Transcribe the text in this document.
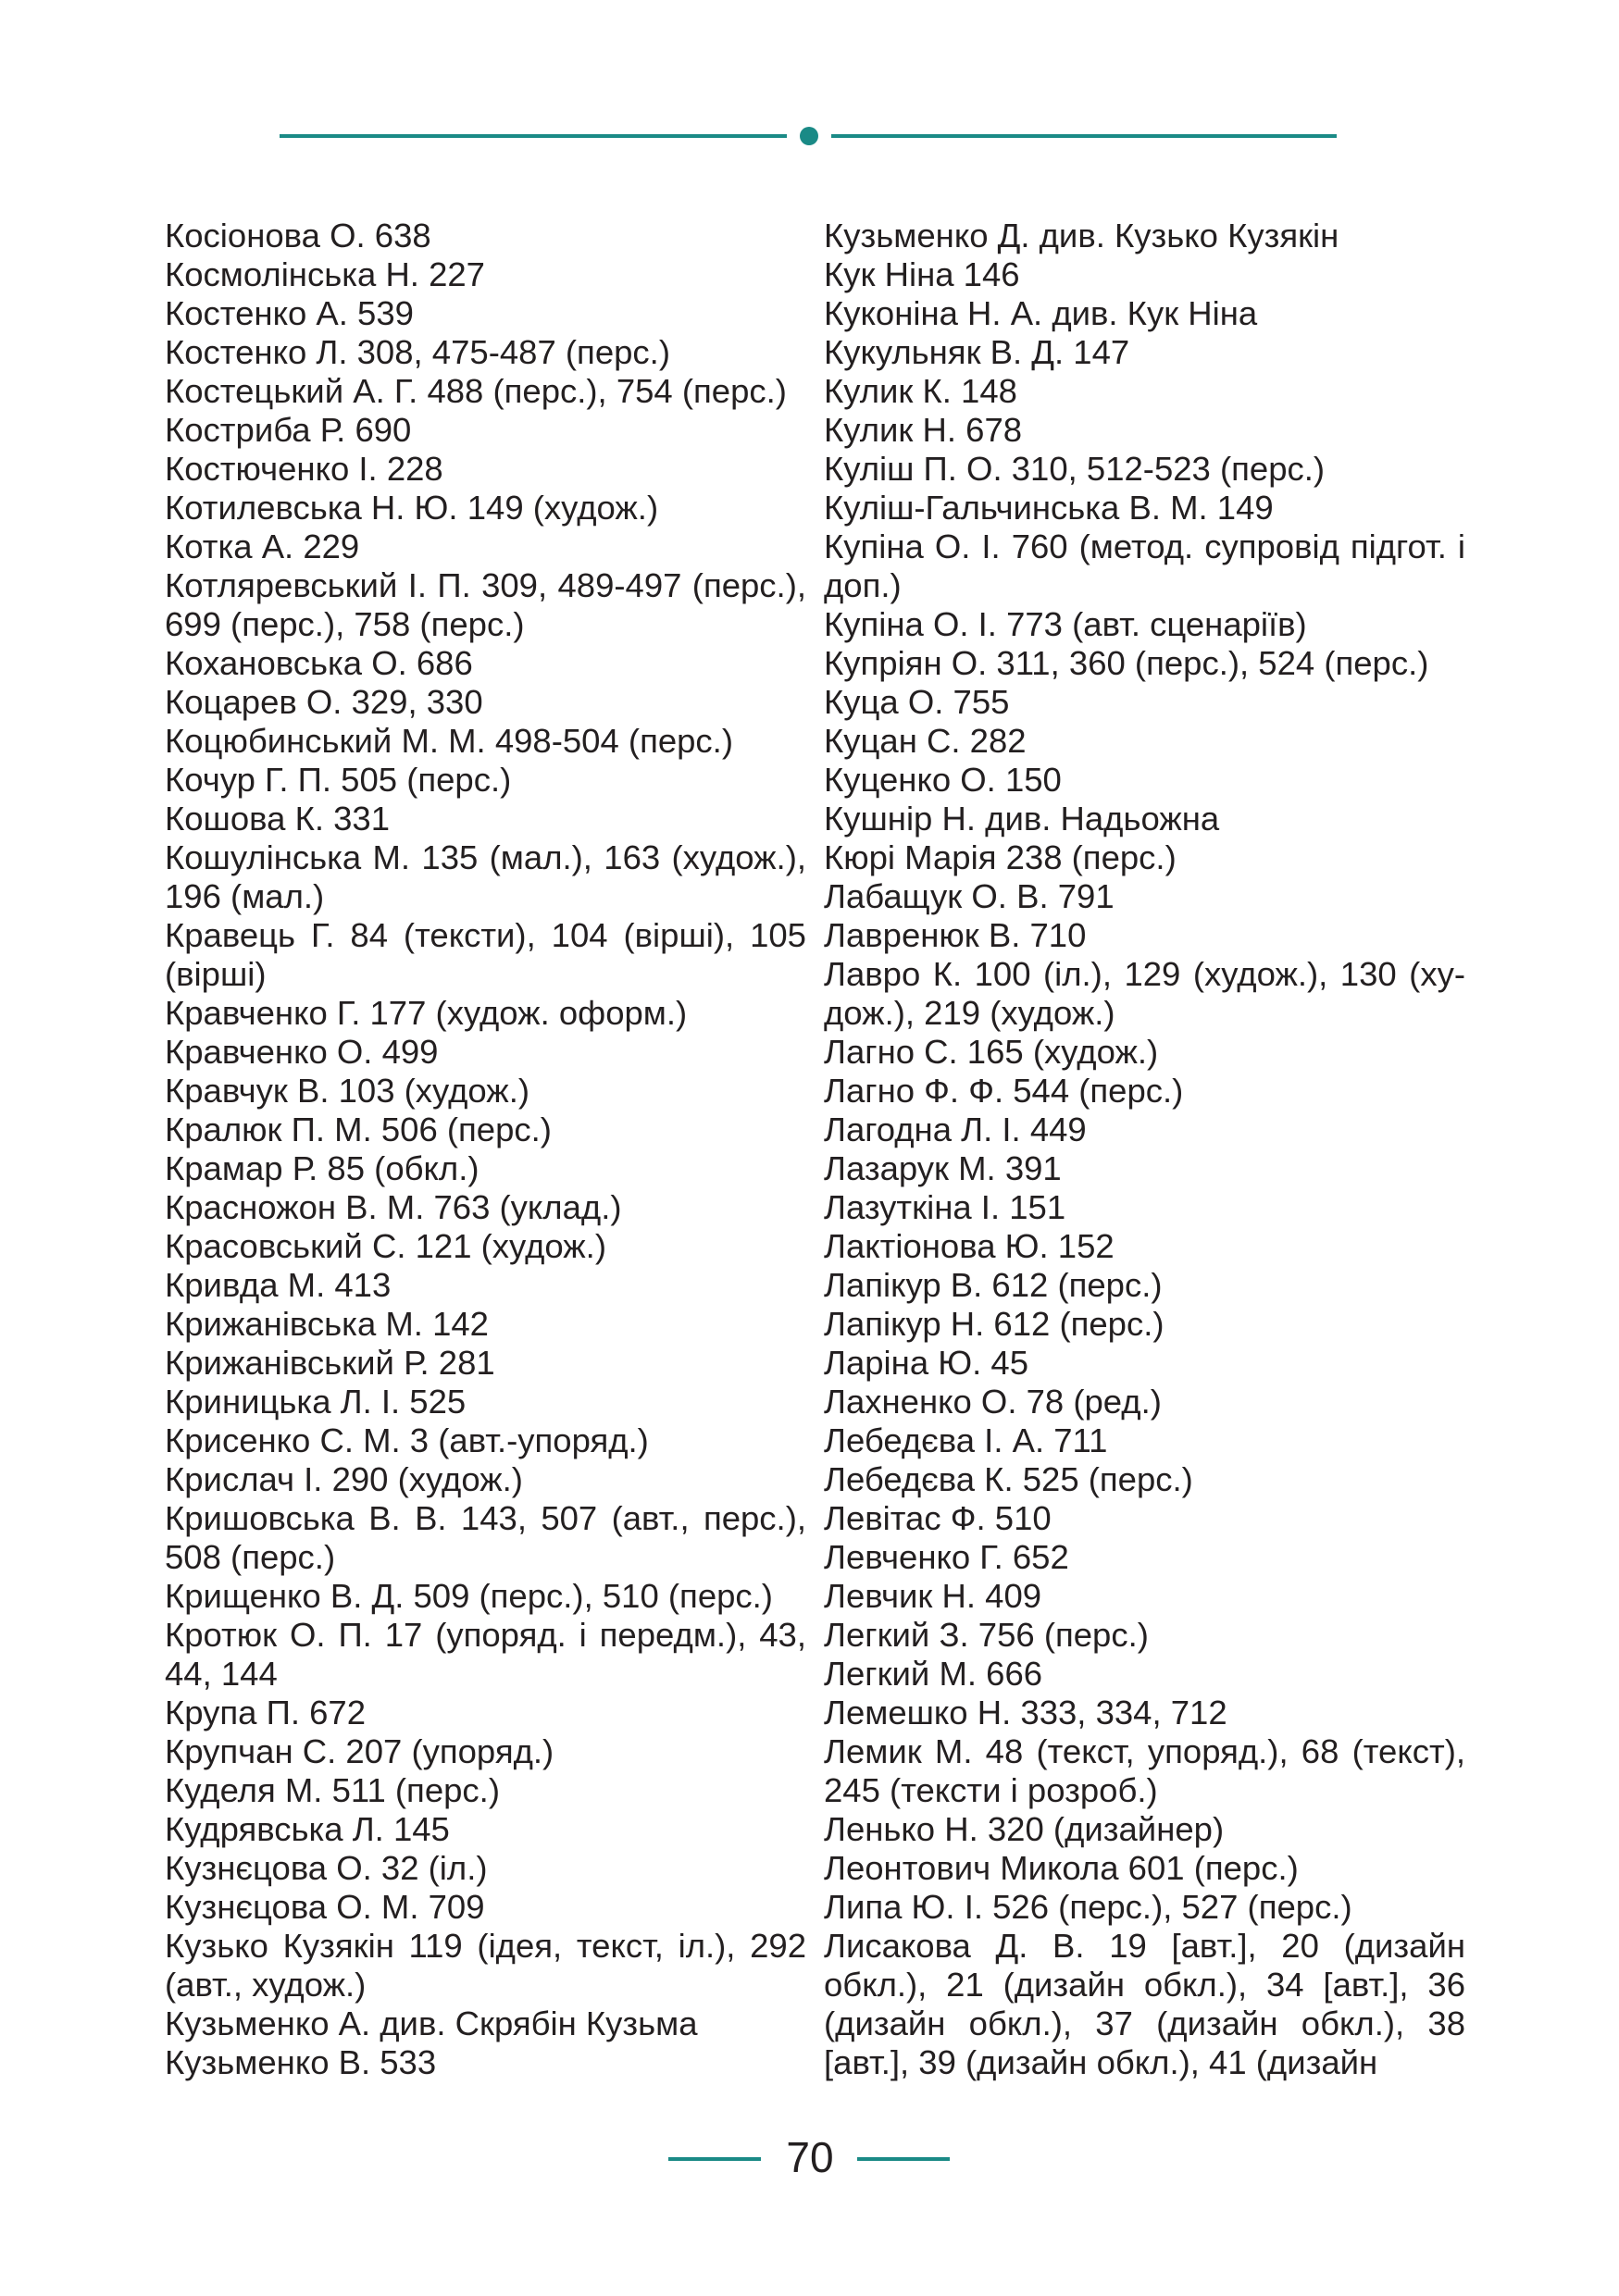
Косіонова О. 638
Космолінська Н. 227
Костенко А. 539
Костенко Л. 308, 475-487 (перс.)
Костецький А. Г. 488 (перс.), 754 (перс.)
Костриба Р. 690
Костюченко І. 228
Котилевська Н. Ю. 149 (худож.)
Котка А. 229
Котляревський І. П. 309, 489-497 (перс.), 699 (перс.), 758 (перс.)
Кохановська О. 686
Коцарев О. 329, 330
Коцюбинський М. М. 498-504 (перс.)
Кочур Г. П. 505 (перс.)
Кошова К. 331
Кошулінська М. 135 (мал.), 163 (худож.), 196 (мал.)
Кравець Г. 84 (тексти), 104 (вірші), 105 (вірші)
Кравченко Г. 177 (худож. оформ.)
Кравченко О. 499
Кравчук В. 103 (худож.)
Кралюк П. М. 506 (перс.)
Крамар Р. 85 (обкл.)
Красножон В. М. 763 (уклад.)
Красовський С. 121 (худож.)
Кривда М. 413
Крижанівська М. 142
Крижанівський Р. 281
Криницька Л. І. 525
Крисенко С. М. 3 (авт.-упоряд.)
Крислач І. 290 (худож.)
Кришовська В. В. 143, 507 (авт., перс.), 508 (перс.)
Крищенко В. Д. 509 (перс.), 510 (перс.)
Кротюк О. П. 17 (упоряд. і передм.), 43, 44, 144
Крупа П. 672
Крупчан С. 207 (упоряд.)
Куделя М. 511 (перс.)
Кудрявська Л. 145
Кузнєцова О. 32 (іл.)
Кузнєцова О. М. 709
Кузько Кузякін 119 (ідея, текст, іл.), 292 (авт., худож.)
Кузьменко А. див. Скрябін Кузьма
Кузьменко В. 533
Кузьменко Д. див. Кузько Кузякін
Кук Ніна 146
Куконіна Н. А. див. Кук Ніна
Кукульняк В. Д. 147
Кулик К. 148
Кулик Н. 678
Куліш П. О. 310, 512-523 (перс.)
Куліш-Гальчинська В. М. 149
Купіна О. І. 760 (метод. супровід підгот. і доп.)
Купіна О. І. 773 (авт. сценаріїв)
Купріян О. 311, 360 (перс.), 524 (перс.)
Куца О. 755
Куцан С. 282
Куценко О. 150
Кушнір Н. див. Надьожна
Кюрі Марія 238 (перс.)
Лабащук О. В. 791
Лавренюк В. 710
Лавро К. 100 (іл.), 129 (худож.), 130 (худож.), 219 (худож.)
Лагно С. 165 (худож.)
Лагно Ф. Ф. 544 (перс.)
Лагодна Л. І. 449
Лазарук М. 391
Лазуткіна І. 151
Лактіонова Ю. 152
Лапікур В. 612 (перс.)
Лапікур Н. 612 (перс.)
Ларіна Ю. 45
Лахненко О. 78 (ред.)
Лебедєва І. А. 711
Лебедєва К. 525 (перс.)
Левітас Ф. 510
Левченко Г. 652
Левчик Н. 409
Легкий З. 756 (перс.)
Легкий М. 666
Лемешко Н. 333, 334, 712
Лемик М. 48 (текст, упоряд.), 68 (текст), 245 (тексти і розроб.)
Ленько Н. 320 (дизайнер)
Леонтович Микола 601 (перс.)
Липа Ю. І. 526 (перс.), 527 (перс.)
Лисакова Д. В. 19 [авт.], 20 (дизайн обкл.), 21 (дизайн обкл.), 34 [авт.], 36 (дизайн обкл.), 37 (дизайн обкл.), 38 [авт.], 39 (дизайн обкл.), 41 (дизайн
70
